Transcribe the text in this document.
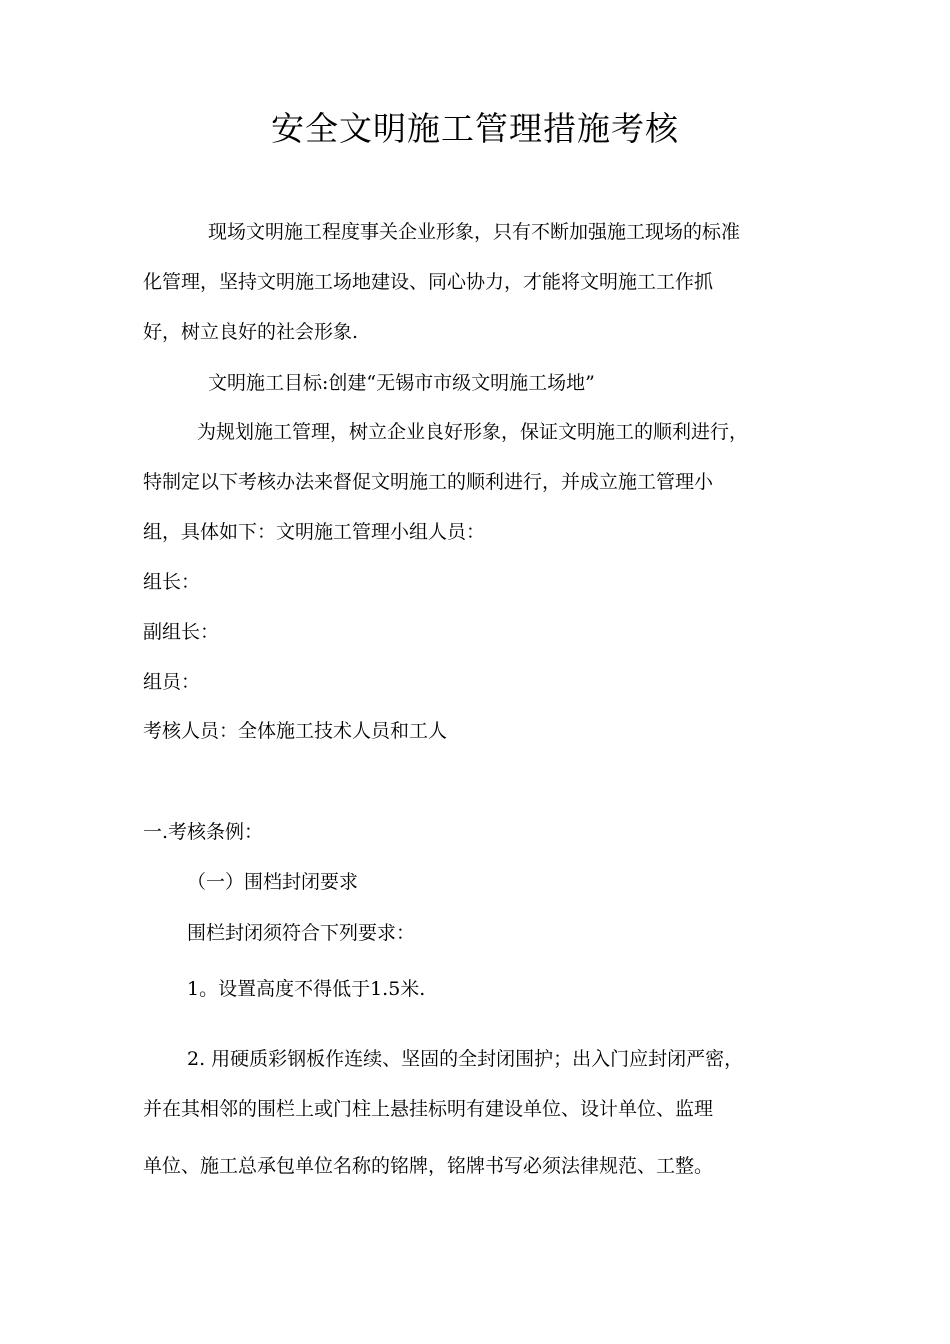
安全文明施工管理措施考核
现场文明施工程度事关企业形象，只有不断加强施工现场的标准
化管理，坚持文明施工场地建设、同心协力，才能将文明施工工作抓
好，树立良好的社会形象.
文明施工目标:创建“无锡市市级文明施工场地”
为规划施工管理，树立企业良好形象，保证文明施工的顺利进行，
特制定以下考核办法来督促文明施工的顺利进行，并成立施工管理小
组，具体如下：文明施工管理小组人员：
组长：
副组长：
组员：
考核人员：全体施工技术人员和工人
一.考核条例：
（一）围档封闭要求
围栏封闭须符合下列要求：
1。设置高度不得低于1.5米.
2. 用硬质彩钢板作连续、坚固的全封闭围护；出入门应封闭严密，
并在其相邻的围栏上或门柱上悬挂标明有建设单位、设计单位、监理
单位、施工总承包单位名称的铭牌，铭牌书写必须法律规范、工整。
